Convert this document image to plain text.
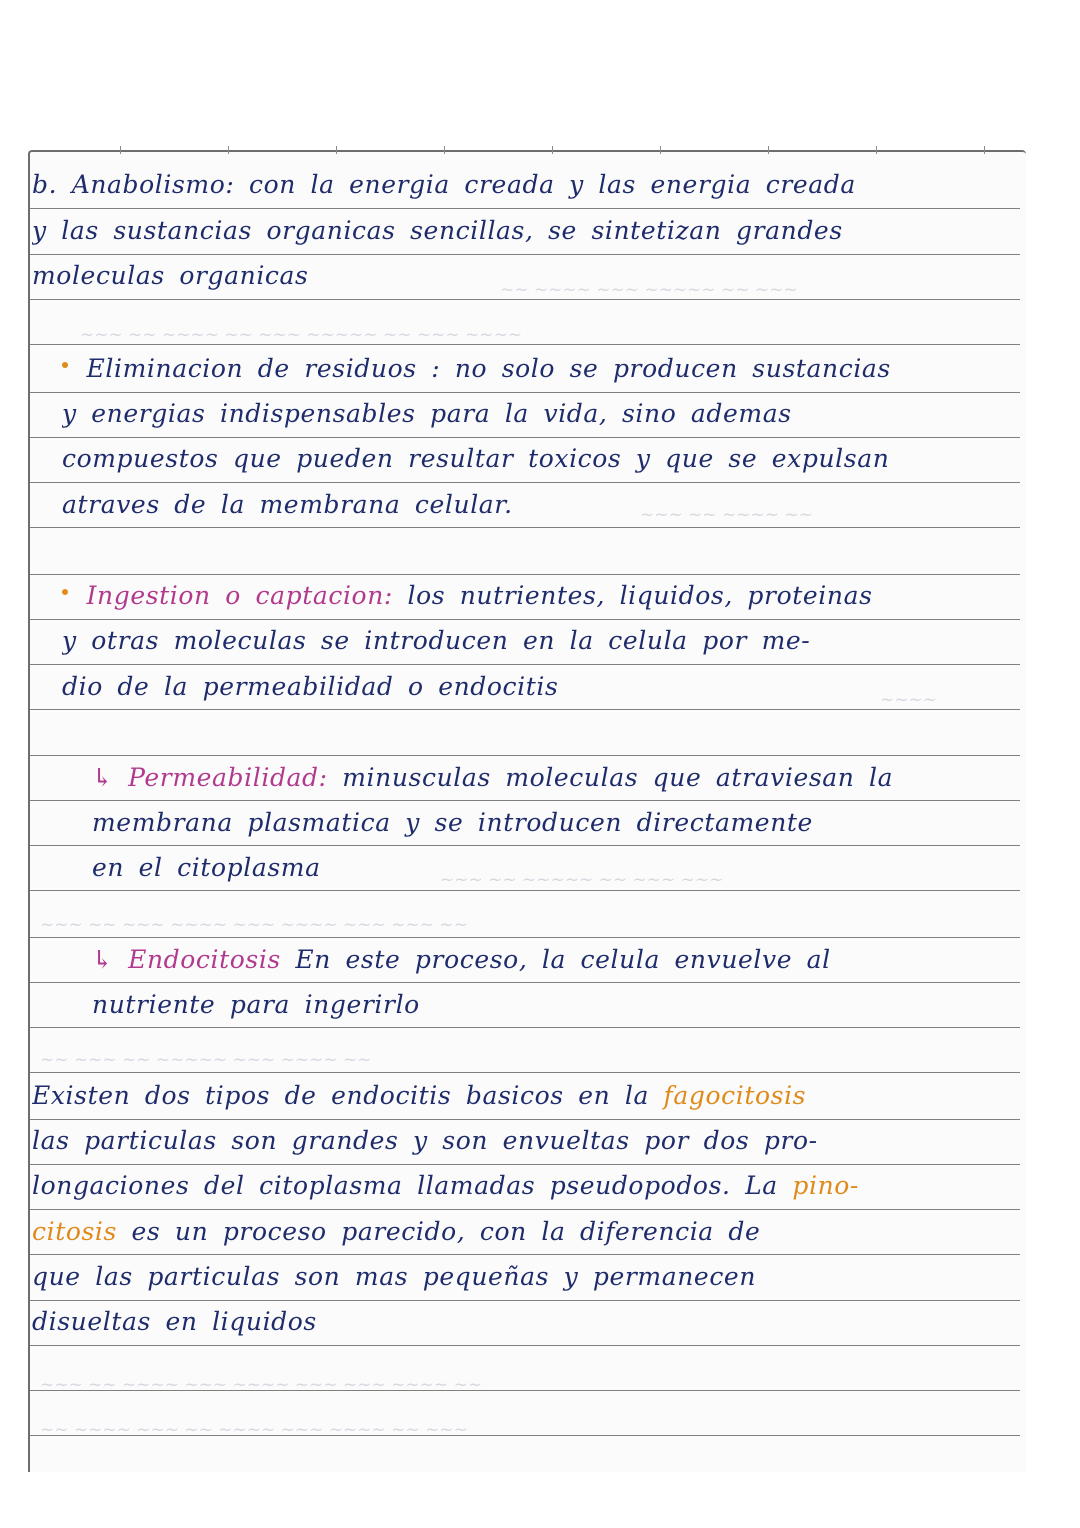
~~ ~~~~ ~~~ ~~~~~ ~~ ~~~
~~~ ~~ ~~~~ ~~ ~~~ ~~~~~ ~~ ~~~ ~~~~
~~~ ~~ ~~~~ ~~
~~~~
~~~ ~~ ~~~~~ ~~ ~~~ ~~~
~~~ ~~ ~~~ ~~~~ ~~~ ~~~~ ~~~ ~~~ ~~
~~ ~~~ ~~ ~~~~~ ~~~ ~~~~ ~~
~~~ ~~ ~~~~ ~~~ ~~~~ ~~~ ~~~ ~~~~ ~~
~~ ~~~~ ~~~ ~~ ~~~~ ~~~ ~~~~ ~~ ~~~
b. Anabolismo: con la energia creada y las energia creada
y las sustancias organicas sencillas, se sintetizan grandes
moleculas organicas
Eliminacion de residuos : no solo se producen sustancias
y energias indispensables para la vida, sino ademas
compuestos que pueden resultar toxicos y que se expulsan
atraves de la membrana celular.
Ingestion o captacion: los nutrientes, liquidos, proteinas
y otras moleculas se introducen en la celula por me-
dio de la permeabilidad o endocitis
↳ Permeabilidad: minusculas moleculas que atraviesan la
membrana plasmatica y se introducen directamente
en el citoplasma
↳ Endocitosis En este proceso, la celula envuelve al
nutriente para ingerirlo
Existen dos tipos de endocitis basicos en la fagocitosis
las particulas son grandes y son envueltas por dos pro-
longaciones del citoplasma llamadas pseudopodos. La pino-
citosis es un proceso parecido, con la diferencia de
que las particulas son mas pequeñas y permanecen
disueltas en liquidos
